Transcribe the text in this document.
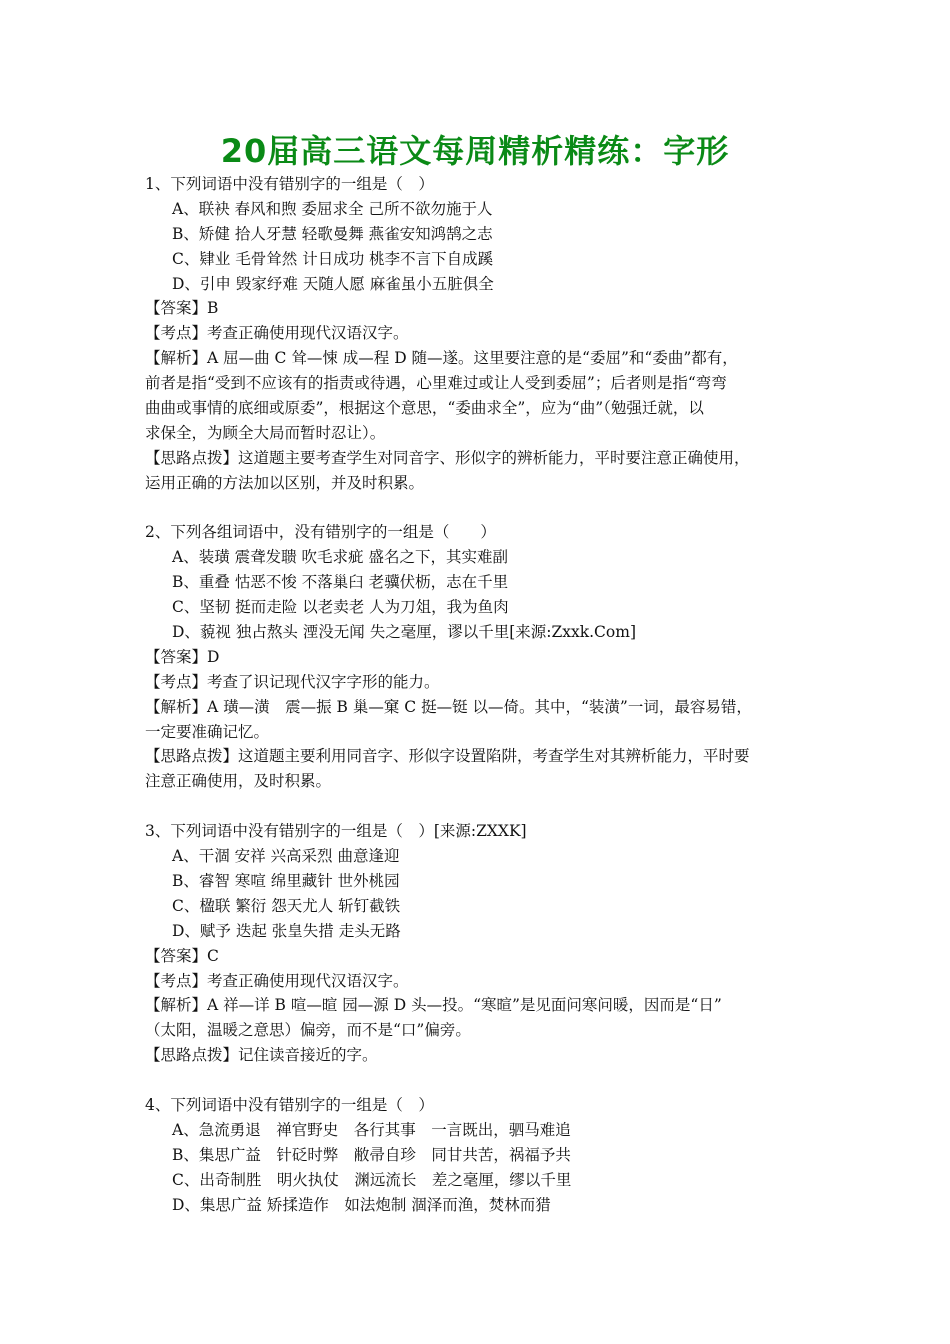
20届高三语文每周精析精练：字形
1、下列词语中没有错别字的一组是（　）
A、联袂 春风和煦 委屈求全 己所不欲勿施于人
B、矫健 拾人牙慧 轻歌曼舞 燕雀安知鸿鹄之志
C、肄业 毛骨耸然 计日成功 桃李不言下自成蹊
D、引申 毁家纾难 天随人愿 麻雀虽小五脏俱全
【答案】B
【考点】考查正确使用现代汉语汉字。
【解析】A 屈—曲 C 耸—悚 成—程 D 随—遂。这里要注意的是“委屈”和“委曲”都有，
前者是指“受到不应该有的指责或待遇，心里难过或让人受到委屈”；后者则是指“弯弯
曲曲或事情的底细或原委”，根据这个意思，“委曲求全”，应为“曲”（勉强迁就，以
求保全，为顾全大局而暂时忍让）。
【思路点拨】这道题主要考查学生对同音字、形似字的辨析能力，平时要注意正确使用，
运用正确的方法加以区别，并及时积累。
2、下列各组词语中，没有错别字的一组是（　　）
A、装璜 震聋发聩 吹毛求疵 盛名之下，其实难副
B、重叠 怙恶不悛 不落巢臼 老骥伏枥，志在千里
C、坚韧 挺而走险 以老卖老 人为刀俎，我为鱼肉
D、藐视 独占熬头 湮没无闻 失之毫厘，谬以千里[来源:Zxxk.Com]
【答案】D
【考点】考查了识记现代汉字字形的能力。
【解析】A 璜—潢　震—振 B 巢—窠 C 挺—铤 以—倚。其中，“装潢”一词，最容易错，
一定要准确记忆。
【思路点拨】这道题主要利用同音字、形似字设置陷阱，考查学生对其辨析能力，平时要
注意正确使用，及时积累。
3、下列词语中没有错别字的一组是（　）[来源:ZXXK]
A、干涸 安祥 兴高采烈 曲意逢迎
B、睿智 寒喧 绵里藏针 世外桃园
C、楹联 繁衍 怨天尤人 斩钉截铁
D、赋予 迭起 张皇失措 走头无路
【答案】C
【考点】考查正确使用现代汉语汉字。
【解析】A 祥—详 B 喧—暄 园—源 D 头—投。“寒暄”是见面问寒问暖，因而是“日”
（太阳，温暖之意思）偏旁，而不是“口”偏旁。
【思路点拨】记住读音接近的字。
4、下列词语中没有错别字的一组是（　）
A、急流勇退　禅官野史　各行其事　一言既出，驷马难追
B、集思广益　针砭时弊　敝帚自珍　同甘共苦，祸福予共
C、出奇制胜　明火执仗　渊远流长　差之毫厘，缪以千里
D、集思广益 矫揉造作　如法炮制 涸泽而渔，焚林而猎
